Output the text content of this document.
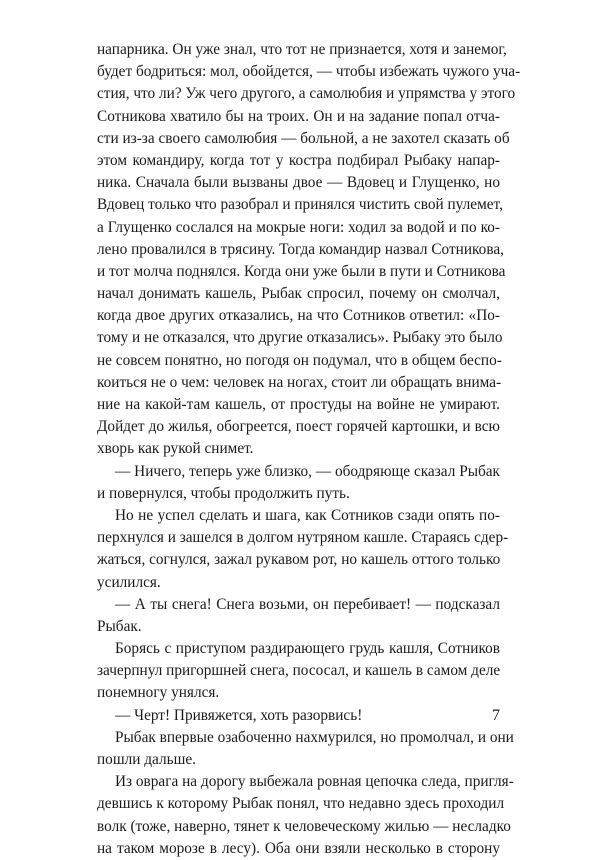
напарника. Он уже знал, что тот не признается, хотя и занемог,
будет бодриться: мол, обойдется, — чтобы избежать чужого уча-
стия, что ли? Уж чего другого, а самолюбия и упрямства у этого
Сотникова хватило бы на троих. Он и на задание попал отча-
сти из-за своего самолюбия — больной, а не захотел сказать об
этом командиру, когда тот у костра подбирал Рыбаку напар-
ника. Сначала были вызваны двое — Вдовец и Глущенко, но
Вдовец только что разобрал и принялся чистить свой пулемет,
а Глущенко сослался на мокрые ноги: ходил за водой и по ко-
лено провалился в трясину. Тогда командир назвал Сотникова,
и тот молча поднялся. Когда они уже были в пути и Сотникова
начал донимать кашель, Рыбак спросил, почему он смолчал,
когда двое других отказались, на что Сотников ответил: «По-
тому и не отказался, что другие отказались». Рыбаку это было
не совсем понятно, но погодя он подумал, что в общем беспо-
коиться не о чем: человек на ногах, стоит ли обращать внима-
ние на какой-там кашель, от простуды на войне не умирают.
Дойдет до жилья, обогреется, поест горячей картошки, и всю
хворь как рукой снимет.
— Ничего, теперь уже близко, — ободряюще сказал Рыбак
и повернулся, чтобы продолжить путь.
Но не успел сделать и шага, как Сотников сзади опять по-
перхнулся и зашелся в долгом нутряном кашле. Стараясь сдер-
жаться, согнулся, зажал рукавом рот, но кашель оттого только
усилился.
— А ты снега! Снега возьми, он перебивает! — подсказал
Рыбак.
Борясь с приступом раздирающего грудь кашля, Сотников
зачерпнул пригоршней снега, пососал, и кашель в самом деле
понемногу унялся.
— Черт! Привяжется, хоть разорвись!
Рыбак впервые озабоченно нахмурился, но промолчал, и они
пошли дальше.
Из оврага на дорогу выбежала ровная цепочка следа, пригля-
девшись к которому Рыбак понял, что недавно здесь проходил
волк (тоже, наверно, тянет к человеческому жилью — несладко
на таком морозе в лесу). Оба они взяли несколько в сторону
7
